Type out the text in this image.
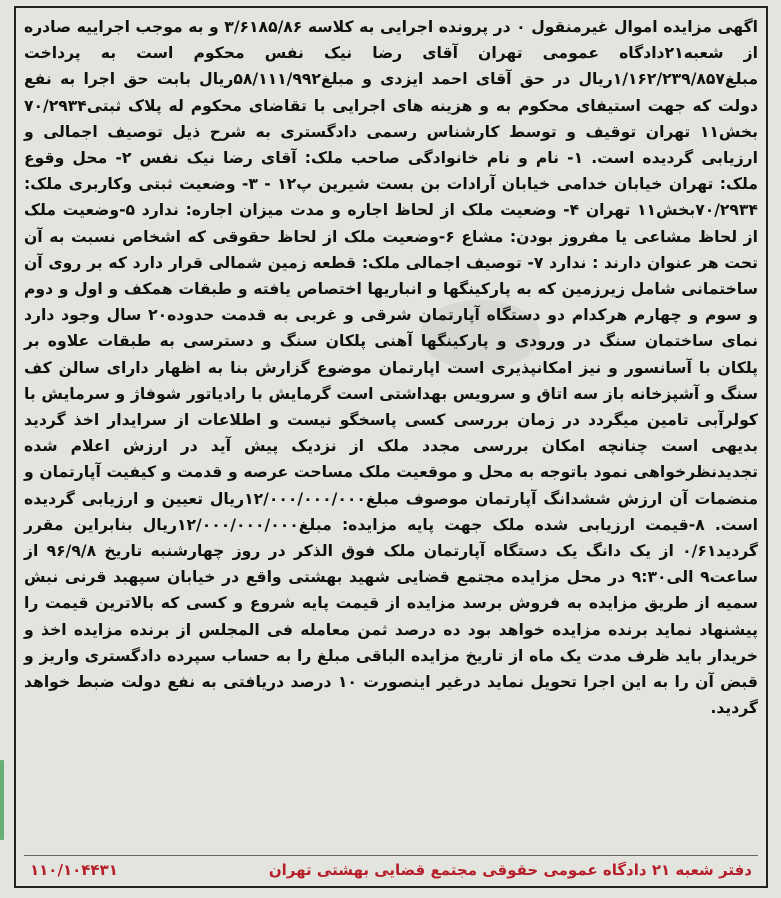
اگهی مزایده اموال غیرمنقول ۰ در پرونده اجرایی به کلاسه ۳/۶۱۸۵/۸۶ و به موجب اجراییه صادره از شعبه۲۱دادگاه عمومی تهران آقای رضا نیک نفس محکوم است به پرداخت مبلغ۱/۱۶۲/۲۳۹/۸۵۷ریال در حق آقای احمد ایزدی و مبلغ۵۸/۱۱۱/۹۹۲ریال بابت حق اجرا به نفع دولت که جهت استیفای محکوم به و هزینه های اجرایی با تقاضای محکوم له پلاک ثبتی۷۰/۲۹۳۴ بخش۱۱ تهران توقیف و توسط کارشناس رسمی دادگستری به شرح ذیل توصیف اجمالی و ارزیابی گردیده است. ۱- نام و نام خانوادگی صاحب ملک: آقای رضا نیک نفس ۲- محل وقوع ملک: تهران خیابان خدامی خیابان آرادات بن بست شیرین پ۱۲ - ۳- وضعیت ثبتی وکاربری ملک: ۷۰/۲۹۳۴بخش۱۱ تهران ۴- وضعیت ملک از لحاظ اجاره و مدت میزان اجاره: ندارد ۵-وضعیت ملک از لحاظ مشاعی یا مفروز بودن: مشاع ۶-وضعیت ملک از لحاظ حقوقی که اشخاص نسبت به آن تحت هر عنوان دارند : ندارد ۷- توصیف اجمالی ملک: قطعه زمین شمالی قرار دارد که بر روی آن ساختمانی شامل زیرزمین که به پارکینگها و انباریها اختصاص یافته و طبقات همکف و اول و دوم و سوم و چهارم هرکدام دو دستگاه آپارتمان شرقی و غربی به قدمت حدوده۲۰ سال وجود دارد نمای ساختمان سنگ در ورودی و پارکینگها آهنی پلکان سنگ و دسترسی به طبقات علاوه بر پلکان با آسانسور و نیز امکانپذیری است اپارتمان موضوع گزارش بنا به اظهار دارای سالن کف سنگ و آشپزخانه باز سه اتاق و سرویس بهداشتی است گرمایش با رادیاتور شوفاژ و سرمایش با کولرآبی تامین میگردد در زمان بررسی کسی پاسخگو نیست و اطلاعات از سرایدار اخذ گردید بدیهی است چنانچه امکان بررسی مجدد ملک از نزدیک پیش آید در ارزش اعلام شده تجدیدنظرخواهی نمود باتوجه به محل و موقعیت ملک مساحت عرصه و قدمت و کیفیت آپارتمان و منضمات آن ارزش ششدانگ آپارتمان موصوف مبلغ۱۲/۰۰۰/۰۰۰/۰۰۰ریال تعیین و ارزیابی گردیده است. ۸-قیمت ارزیابی شده ملک جهت پایه مزایده: مبلغ۱۲/۰۰۰/۰۰۰/۰۰۰ریال بنابراین مقرر گردید۰/۶۱ از یک دانگ یک دستگاه آپارتمان ملک فوق الذکر در روز چهارشنبه تاریخ ۹۶/۹/۸ از ساعت۹ الی۹:۳۰ در محل مزایده مجتمع قضایی شهید بهشتی واقع در خیابان سپهبد قرنی نبش سمیه از طریق مزایده به فروش برسد مزایده از قیمت پایه شروع و کسی که بالاترین قیمت را پیشنهاد نماید برنده مزایده خواهد بود ده درصد ثمن معامله فی المجلس از برنده مزایده اخذ و خریدار باید ظرف مدت یک ماه از تاریخ مزایده الباقی مبلغ را به حساب سپرده دادگستری واریز و قبض آن را به این اجرا تحویل نماید درغیر اینصورت ۱۰ درصد دریافتی به نفع دولت ضبط خواهد گردید.

دفتر شعبه ۲۱ دادگاه عمومی حقوقی مجتمع قضایی بهشتی تهران
۱۱۰/۱۰۴۴۳۱
